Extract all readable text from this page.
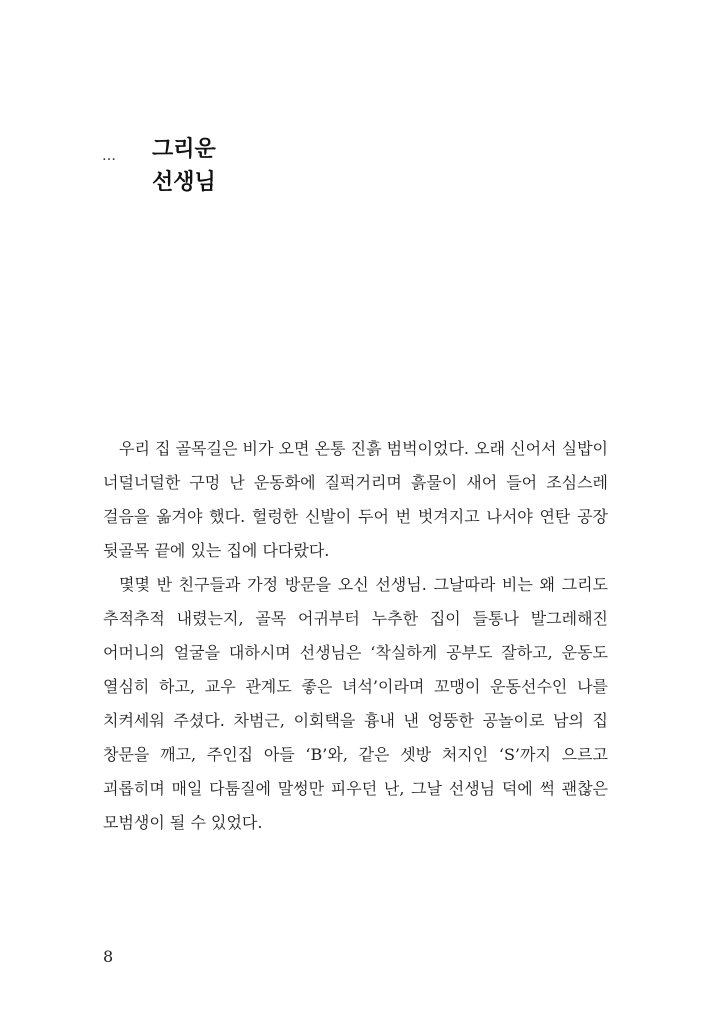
… 그리운
선생님

우리 집 골목길은 비가 오면 온통 진흙 범벅이었다. 오래 신어서 실밥이 너덜너덜한 구멍 난 운동화에 질퍽거리며 흙물이 새어 들어 조심스레 걸음을 옮겨야 했다. 헐렁한 신발이 두어 번 벗겨지고 나서야 연탄 공장 뒷골목 끝에 있는 집에 다다랐다.

몇몇 반 친구들과 가정 방문을 오신 선생님. 그날따라 비는 왜 그리도 추적추적 내렸는지, 골목 어귀부터 누추한 집이 들통나 발그레해진 어머니의 얼굴을 대하시며 선생님은 ‘착실하게 공부도 잘하고, 운동도 열심히 하고, 교우 관계도 좋은 녀석’이라며 꼬맹이 운동선수인 나를 치켜세워 주셨다. 차범근, 이회택을 흉내 낸 엉뚱한 공놀이로 남의 집 창문을 깨고, 주인집 아들 ‘B’와, 같은 셋방 처지인 ‘S’까지 으르고 괴롭히며 매일 다툼질에 말썽만 피우던 난, 그날 선생님 덕에 썩 괜찮은 모범생이 될 수 있었다.

8
